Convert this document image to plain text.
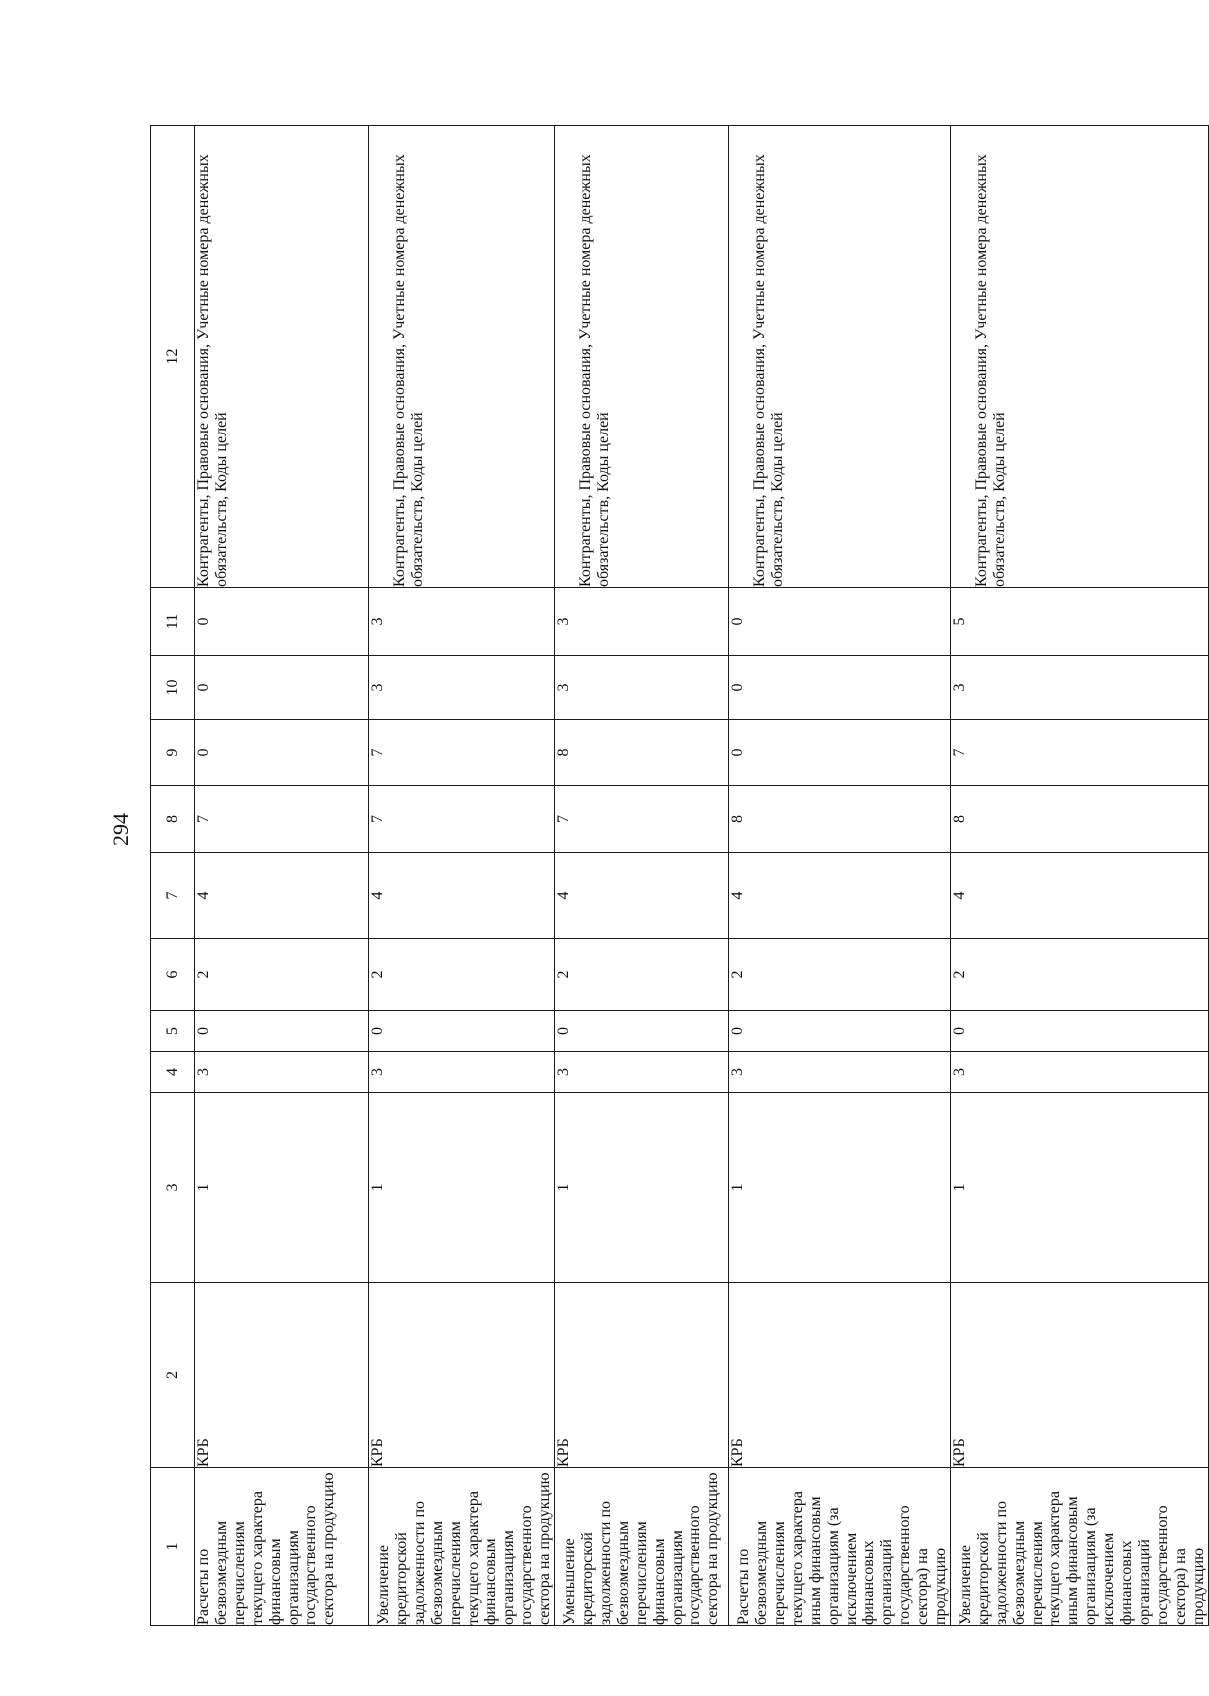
294
1	2	3	4	5	6	7	8	9	10	11	12
Расчеты по безвозмездным перечислениям текущего характера финансовым организациям государственного сектора на продукцию	КРБ	1	3	0	2	4	7	0	0	0	Контрагенты, Правовые основания, Учетные номера денежных обязательств, Коды целей
Увеличение кредиторской задолженности по безвозмездным перечислениям текущего характера финансовым организациям государственного сектора на продукцию	КРБ	1	3	0	2	4	7	7	3	3	Контрагенты, Правовые основания, Учетные номера денежных обязательств, Коды целей
Уменьшение кредиторской задолженности по безвозмездным перечислениям финансовым организациям государственного сектора на продукцию	КРБ	1	3	0	2	4	7	8	3	3	Контрагенты, Правовые основания, Учетные номера денежных обязательств, Коды целей
Расчеты по безвозмездным перечислениям текущего характера иным финансовым организациям (за исключением финансовых организаций государственного сектора) на продукцию	КРБ	1	3	0	2	4	8	0	0	0	Контрагенты, Правовые основания, Учетные номера денежных обязательств, Коды целей
Увеличение кредиторской задолженности по безвозмездным перечислениям текущего характера иным финансовым организациям (за исключением финансовых организаций государственного сектора) на продукцию	КРБ	1	3	0	2	4	8	7	3	5	Контрагенты, Правовые основания, Учетные номера денежных обязательств, Коды целей
